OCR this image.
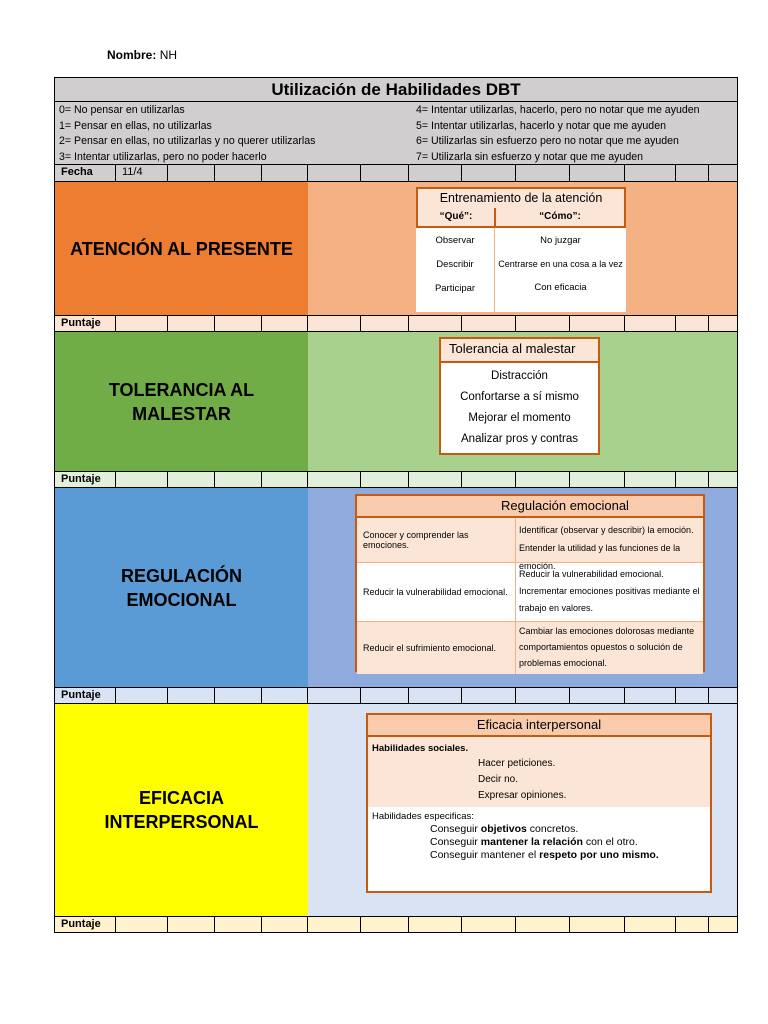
Nombre: NH
Utilización de Habilidades DBT
0= No pensar en utilizarlas
1= Pensar en ellas, no utilizarlas
2= Pensar en ellas, no utilizarlas y no querer utilizarlas
3= Intentar utilizarlas, pero no poder hacerlo
4= Intentar utilizarlas, hacerlo, pero no notar que me ayuden
5= Intentar utilizarlas, hacerlo y notar que me ayuden
6= Utilizarlas sin esfuerzo pero no notar que me ayuden
7= Utilizarla sin esfuerzo y notar que me ayuden
Fecha	11/4
ATENCIÓN AL PRESENTE
Entrenamiento de la atención
“Qué”:	“Cómo”:
Observar
Describir
Participar
No juzgar
Centrarse en una cosa a la vez
Con eficacia
Puntaje
TOLERANCIA AL
MALESTAR
Tolerancia al malestar
Distracción
Confortarse a sí mismo
Mejorar el momento
Analizar pros y contras
Puntaje
REGULACIÓN
EMOCIONAL
Regulación emocional
Conocer y comprender las emociones.
Identificar (observar y describir) la emoción.
Entender la utilidad y las funciones de la emoción.
Reducir la vulnerabilidad emocional.
Reducir la vulnerabilidad emocional.
Incrementar emociones positivas mediante el
trabajo en valores.
Reducir el sufrimiento emocional.
Cambiar las emociones dolorosas mediante
comportamientos opuestos o solución de
problemas emocional.
Puntaje
EFICACIA
INTERPERSONAL
Eficacia interpersonal
Habilidades sociales.
Hacer peticiones.
Decir no.
Expresar opiniones.
Habilidades especificas:
Conseguir objetivos concretos.
Conseguir mantener la relación con el otro.
Conseguir mantener el respeto por uno mismo.
Puntaje
